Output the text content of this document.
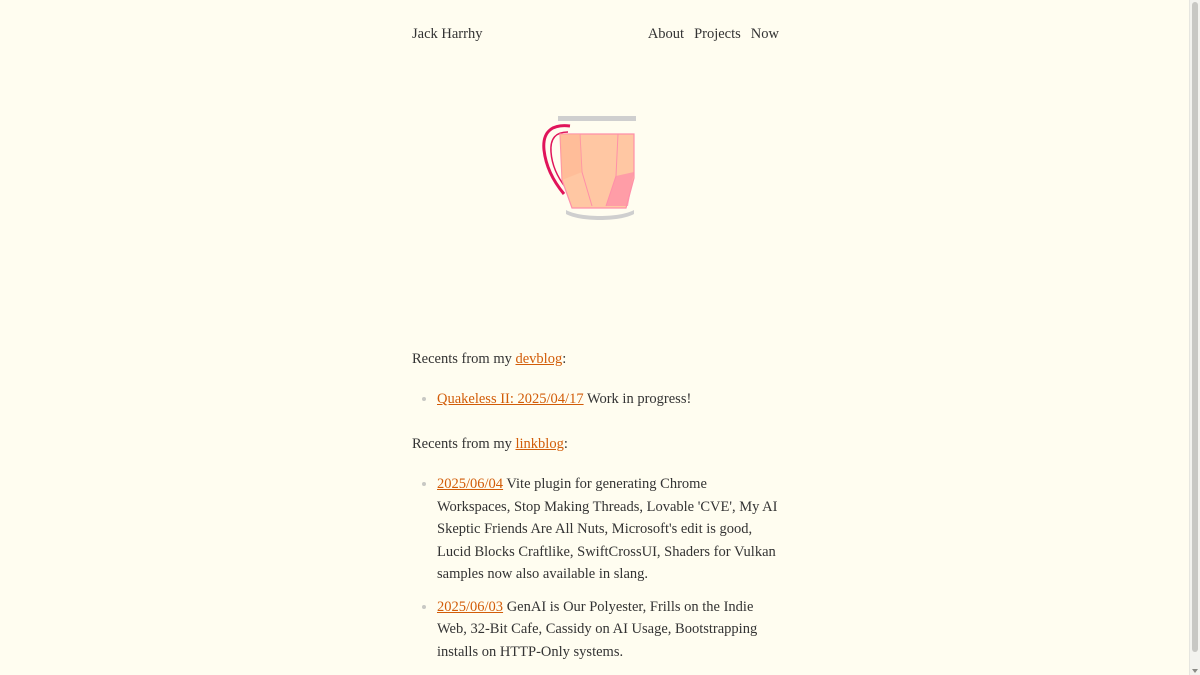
Jack Harrhy	About Projects Now

Recents from my devblog:

Quakeless II: 2025/04/17 Work in progress!

Recents from my linkblog:

2025/06/04 Vite plugin for generating Chrome Workspaces, Stop Making Threads, Lovable 'CVE', My AI Skeptic Friends Are All Nuts, Microsoft's edit is good, Lucid Blocks Craftlike, SwiftCrossUI, Shaders for Vulkan samples now also available in slang.
2025/06/03 GenAI is Our Polyester, Frills on the Indie Web, 32-Bit Cafe, Cassidy on AI Usage, Bootstrapping installs on HTTP-Only systems.
